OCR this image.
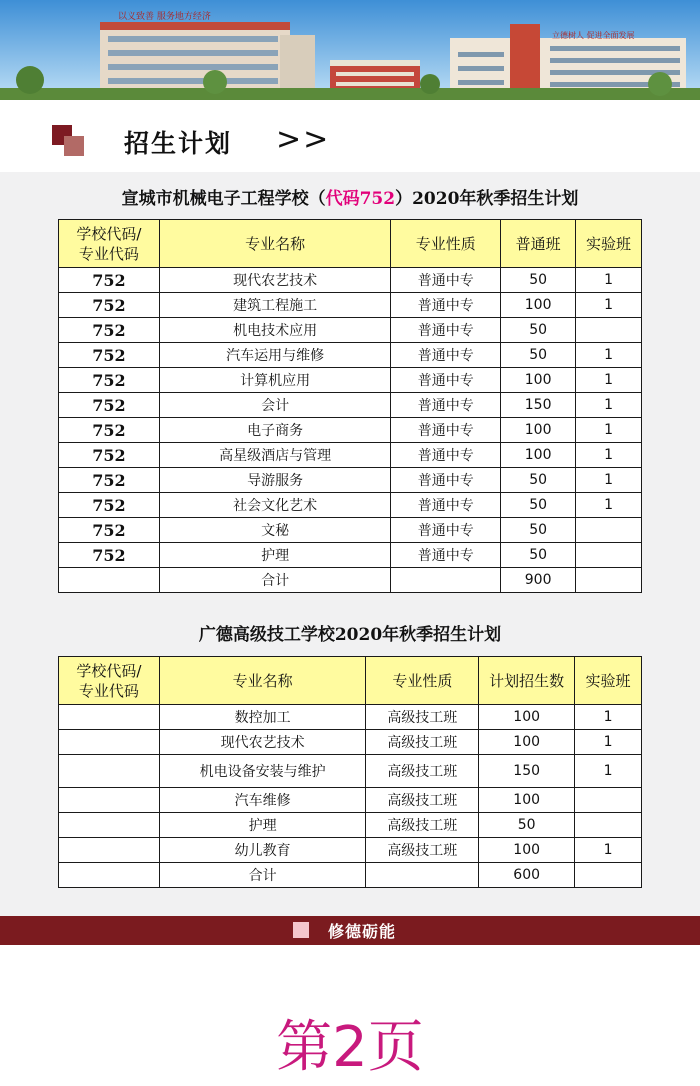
以义致善 服务地方经济
立德树人 促进全面发展
招生计划 >>
宣城市机械电子工程学校（代码752）2020年秋季招生计划
学校代码/
专业代码	专业名称	专业性质	普通班	实验班
752	现代农艺技术	普通中专	50	1
752	建筑工程施工	普通中专	100	1
752	机电技术应用	普通中专	50	
752	汽车运用与维修	普通中专	50	1
752	计算机应用	普通中专	100	1
752	会计	普通中专	150	1
752	电子商务	普通中专	100	1
752	高星级酒店与管理	普通中专	100	1
752	导游服务	普通中专	50	1
752	社会文化艺术	普通中专	50	1
752	文秘	普通中专	50	
752	护理	普通中专	50	
	合计		900	
广德高级技工学校2020年秋季招生计划
学校代码/
专业代码	专业名称	专业性质	计划招生数	实验班
	数控加工	高级技工班	100	1
	现代农艺技术	高级技工班	100	1
	机电设备安装与维护	高级技工班	150	1
	汽车维修	高级技工班	100	
	护理	高级技工班	50	
	幼儿教育	高级技工班	100	1
	合计		600	
修德砺能
第2页
